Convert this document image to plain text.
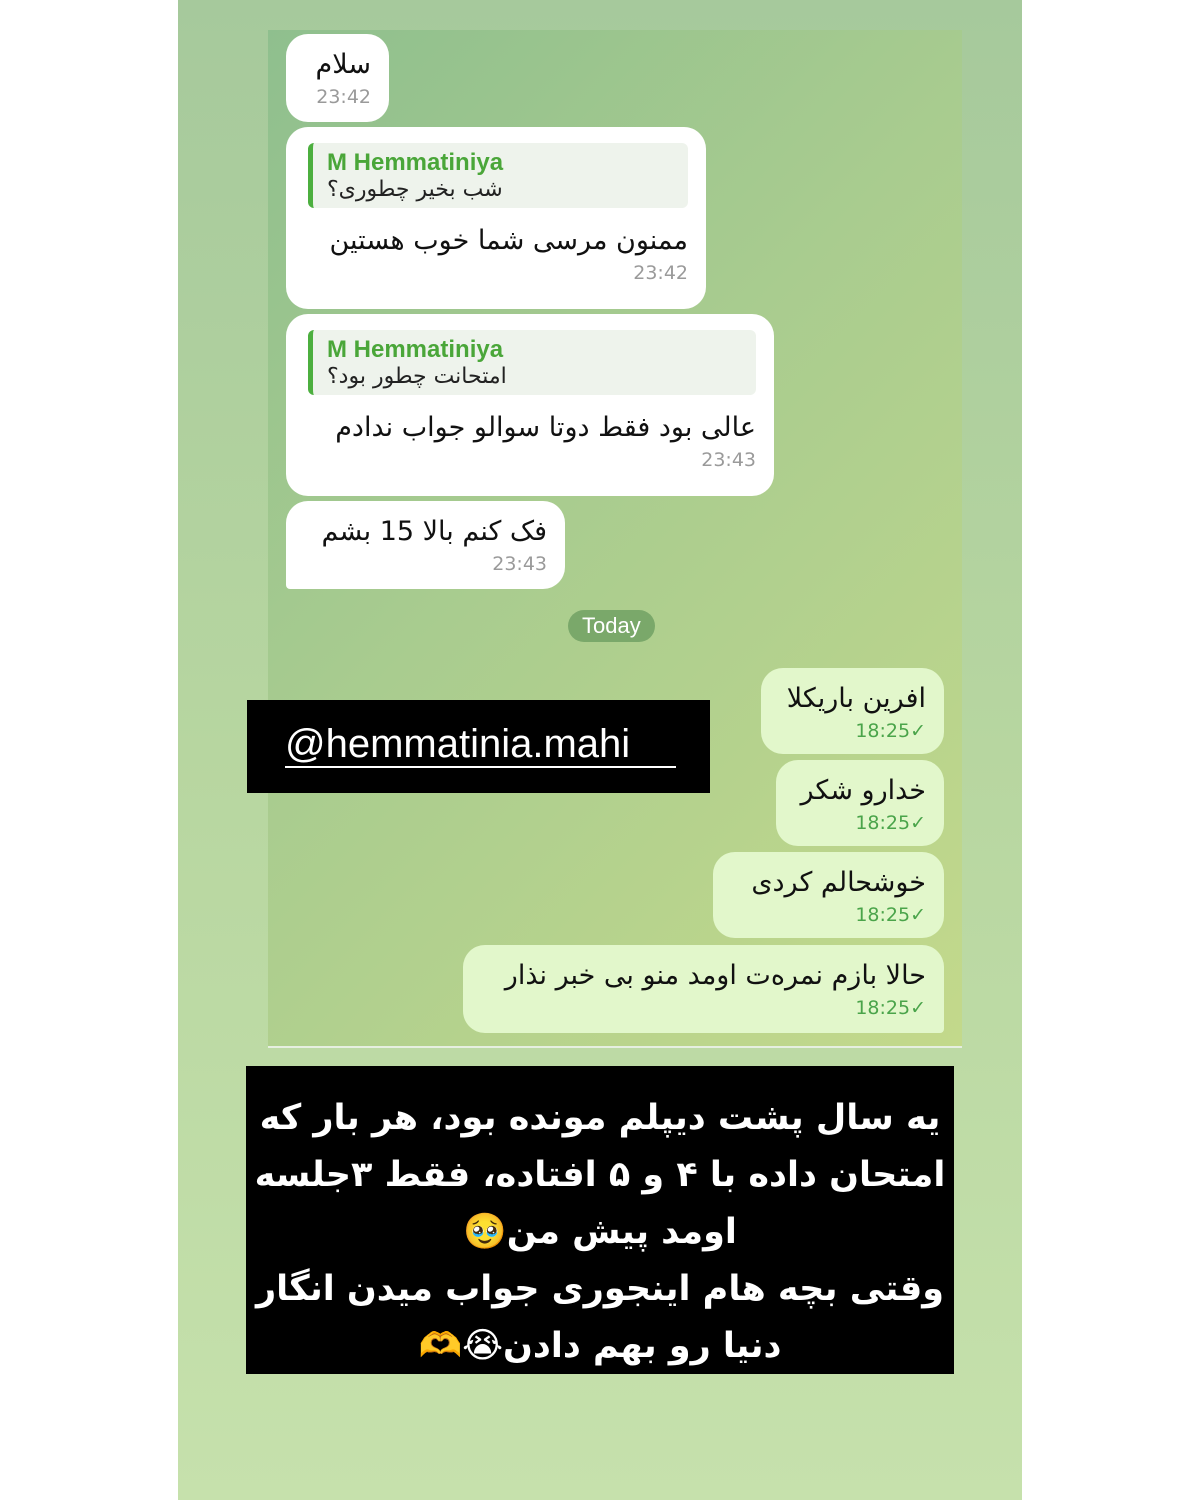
سلام
23:42
M Hemmatiniya
شب بخیر چطوری؟
ممنون مرسی شما خوب هستین
23:42
M Hemmatiniya
امتحانت چطور بود؟
عالی بود فقط دوتا سوالو جواب ندادم
23:43
فک کنم بالا 15 بشم
23:43
Today
افرین باریکلا
18:25✓
خدارو شکر
18:25✓
خوشحالم کردی
18:25✓
حالا بازم نمرەت اومد منو بی خبر نذار
18:25✓
@hemmatinia.mahi
یه سال پشت دیپلم مونده بود، هر بار که
امتحان داده با ۴ و ۵ افتاده، فقط ۳جلسه
اومد پیش من🥹
وقتی بچه هام اینجوری جواب میدن انگار
دنیا رو بهم دادن😭🫶
